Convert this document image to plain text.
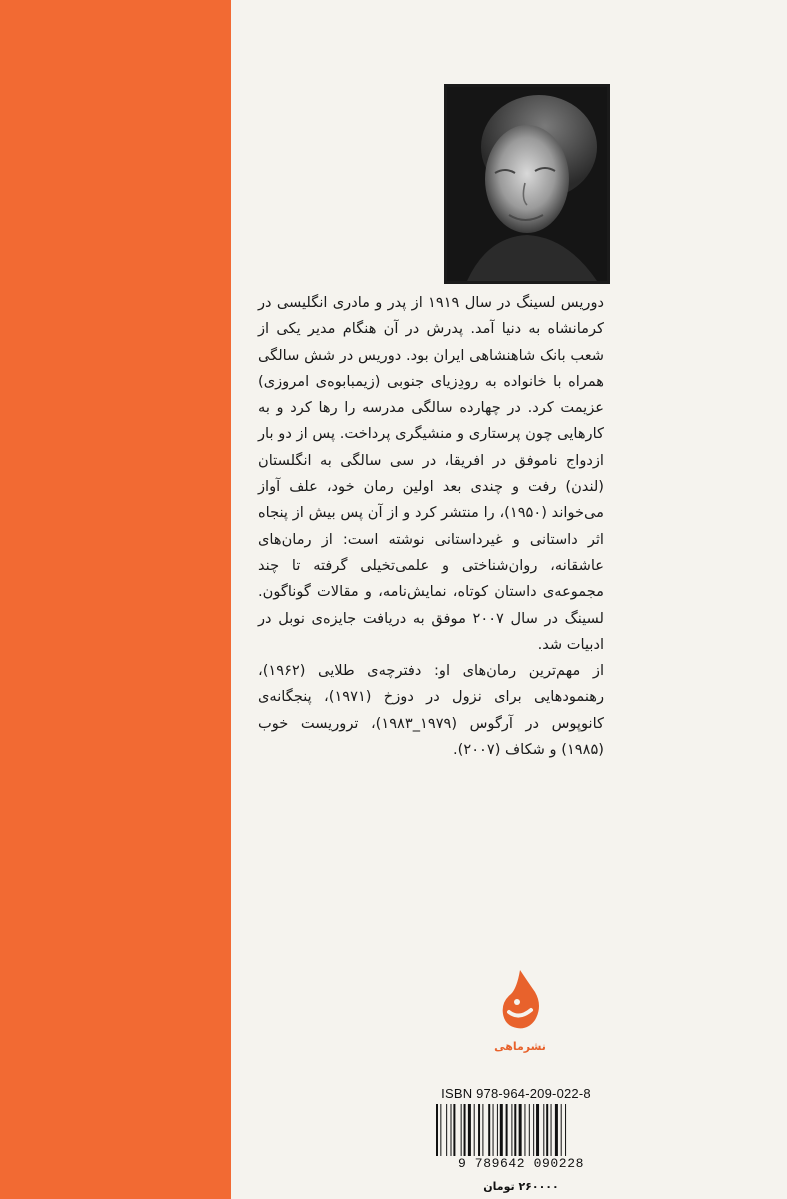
دوریس لسینگ در سال ۱۹۱۹ از پدر و مادری انگلیسی در کرمانشاه به دنیا آمد. پدرش در آن هنگام مدیر یکی از شعب بانک شاهنشاهی ایران بود. دوریس در شش سالگی همراه با خانواده به رودِزیای جنوبی (زیمبابوه‌ی امروزی) عزیمت کرد. در چهارده سالگی مدرسه را رها کرد و به کارهایی چون پرستاری و منشیگری پرداخت. پس از دو بار ازدواج ناموفق در افریقا، در سی سالگی به انگلستان (لندن) رفت و چندی بعد اولین رمان خود، علف آواز می‌خواند (۱۹۵۰)، را منتشر کرد و از آن پس بیش از پنجاه اثر داستانی و غیرداستانی نوشته است: از رمان‌های عاشقانه، روان‌شناختی و علمی‌تخیلی گرفته تا چند مجموعه‌ی داستان کوتاه، نمایش‌نامه، و مقالات گوناگون. لسینگ در سال ۲۰۰۷ موفق به دریافت جایزه‌ی نوبل در ادبیات شد.

از مهم‌ترین رمان‌های او: دفترچه‌ی طلایی (۱۹۶۲)، رهنمودهایی برای نزول در دوزخ (۱۹۷۱)، پنجگانه‌ی کانوپوس در آرگوس (۱۹۷۹_۱۹۸۳)، تروریست خوب (۱۹۸۵) و شکاف (۲۰۰۷).

نشرماهی
ISBN 978-964-209-022-8
9 789642 090228
۲۶۰۰۰۰ تومان
